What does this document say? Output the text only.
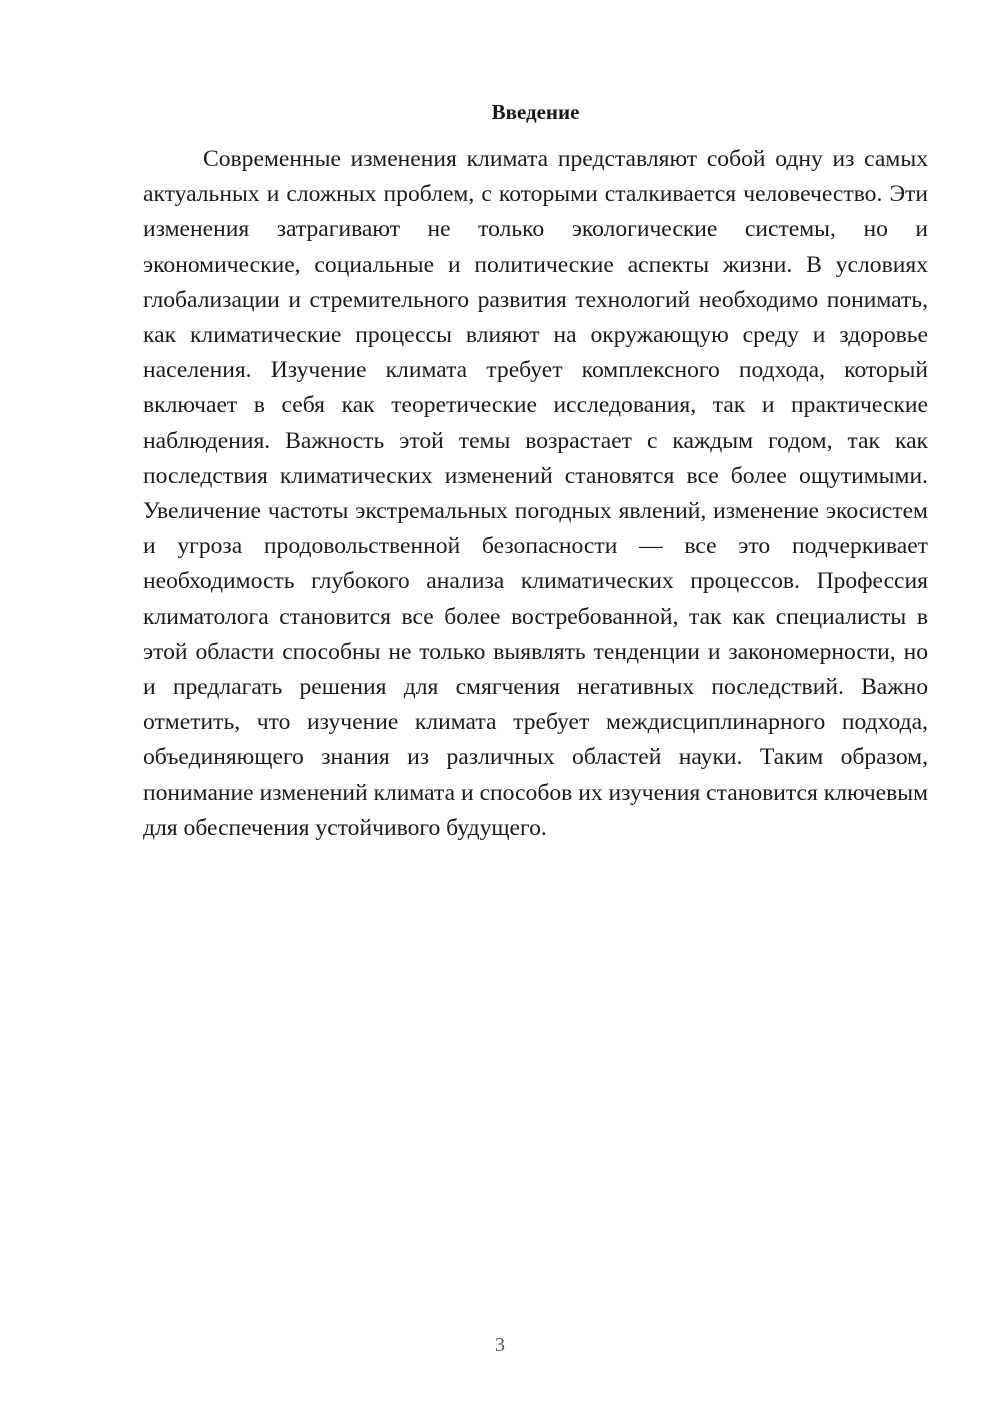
Введение

Современные изменения климата представляют собой одну из самых актуальных и сложных проблем, с которыми сталкивается человечество. Эти изменения затрагивают не только экологические системы, но и экономические, социальные и политические аспекты жизни. В условиях глобализации и стремительного развития технологий необходимо понимать, как климатические процессы влияют на окружающую среду и здоровье населения. Изучение климата требует комплексного подхода, который включает в себя как теоретические исследования, так и практические наблюдения. Важность этой темы возрастает с каждым годом, так как последствия климатических изменений становятся все более ощутимыми. Увеличение частоты экстремальных погодных явлений, изменение экосистем и угроза продовольственной безопасности — все это подчеркивает необходимость глубокого анализа климатических процессов. Профессия климатолога становится все более востребованной, так как специалисты в этой области способны не только выявлять тенденции и закономерности, но и предлагать решения для смягчения негативных последствий. Важно отметить, что изучение климата требует междисциплинарного подхода, объединяющего знания из различных областей науки. Таким образом, понимание изменений климата и способов их изучения становится ключевым для обеспечения устойчивого будущего.

3
